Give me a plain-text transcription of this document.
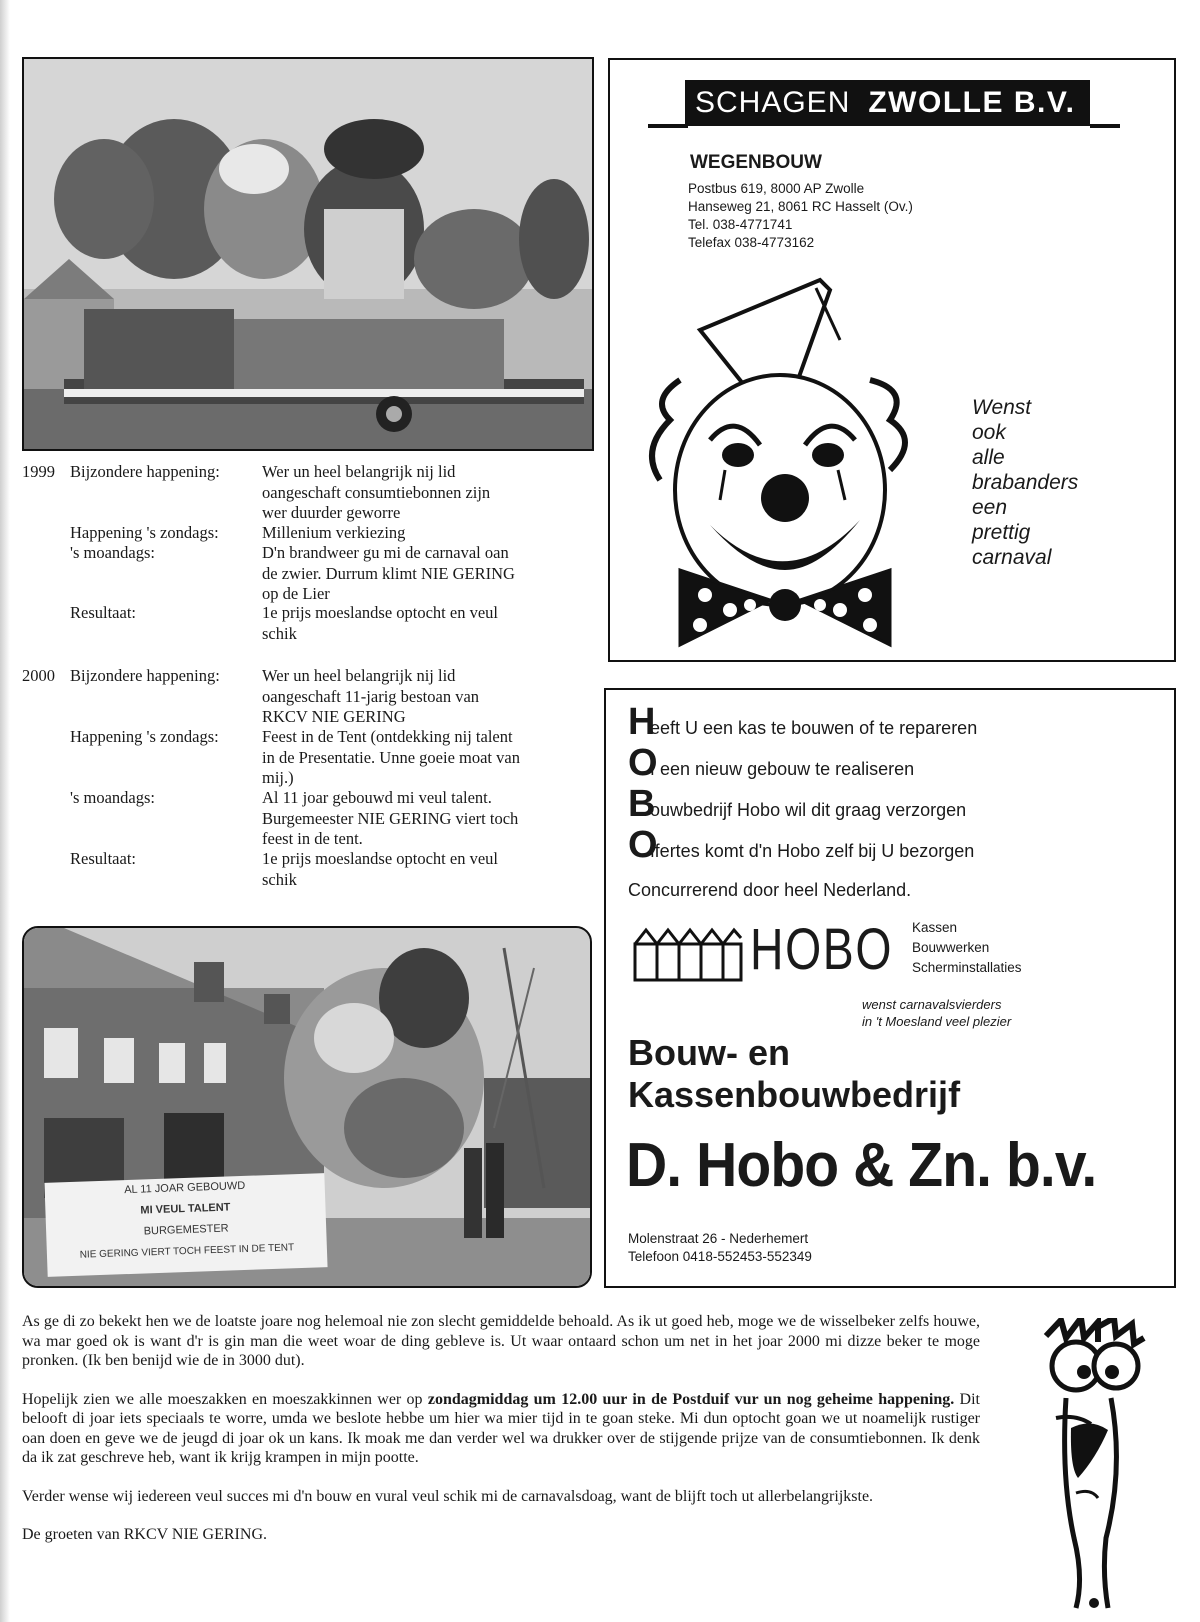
1999 Bijzondere happening:	Wer un heel belangrijk nij lid
oangeschaft consumtiebonnen zijn
wer duurder geworre
Happening 's zondags:	Millenium verkiezing
's moandags:	D'n brandweer gu mi de carnaval oan
de zwier. Durrum klimt NIE GERING
op de Lier
Resultaat:	1e prijs moeslandse optocht en veul
schik
2000 Bijzondere happening:	Wer un heel belangrijk nij lid
oangeschaft 11-jarig bestoan van
RKCV NIE GERING
Happening 's zondags:	Feest in de Tent (ontdekking nij talent
in de Presentatie. Unne goeie moat van
mij.)
's moandags:	Al 11 joar gebouwd mi veul talent.
Burgemeester NIE GERING viert toch
feest in de tent.
Resultaat:	1e prijs moeslandse optocht en veul
schik
AL 11 JOAR GEBOUWD
MI VEUL TALENT
BURGEMESTER
NIE GERING VIERT TOCH FEEST IN DE TENT
SCHAGEN ZWOLLE B.V.
WEGENBOUW
Postbus 619, 8000 AP Zwolle
Hanseweg 21, 8061 RC Hasselt (Ov.)
Tel. 038-4771741
Telefax 038-4773162
Wenst
ook
alle
brabanders
een
prettig
carnaval
Heeft U een kas te bouwen of te repareren
Of een nieuw gebouw te realiseren
Bouwbedrijf Hobo wil dit graag verzorgen
Offertes komt d'n Hobo zelf bij U bezorgen
Concurrerend door heel Nederland.
HOBO Kassen
Bouwwerken
Scherminstallaties
wenst carnavalsvierders
in 't Moesland veel plezier
Bouw- en
Kassenbouwbedrijf
D. Hobo & Zn. b.v.
Molenstraat 26 - Nederhemert
Telefoon 0418-552453-552349

As ge di zo bekekt hen we de loatste joare nog helemoal nie zon slecht gemiddelde behoald. As ik ut goed heb, moge we de wisselbeker zelfs houwe, wa mar goed ok is want d'r is gin man die weet woar de ding gebleve is. Ut waar ontaard schon um net in het joar 2000 mi dizze beker te moge pronken. (Ik ben benijd wie de in 3000 dut).

Hopelijk zien we alle moeszakken en moeszakkinnen wer op zondagmiddag um 12.00 uur in de Postduif vur un nog geheime happening. Dit belooft di joar iets speciaals te worre, umda we beslote hebbe um hier wa mier tijd in te goan steke. Mi dun optocht goan we ut noamelijk rustiger oan doen en geve we de jeugd di joar ok un kans. Ik moak me dan verder wel wa drukker over de stijgende prijze van de consumtiebonnen. Ik denk da ik zat geschreve heb, want ik krijg krampen in mijn pootte.

Verder wense wij iedereen veul succes mi d'n bouw en vural veul schik mi de carnavalsdoag, want de blijft toch ut allerbelangrijkste.

De groeten van RKCV NIE GERING.
